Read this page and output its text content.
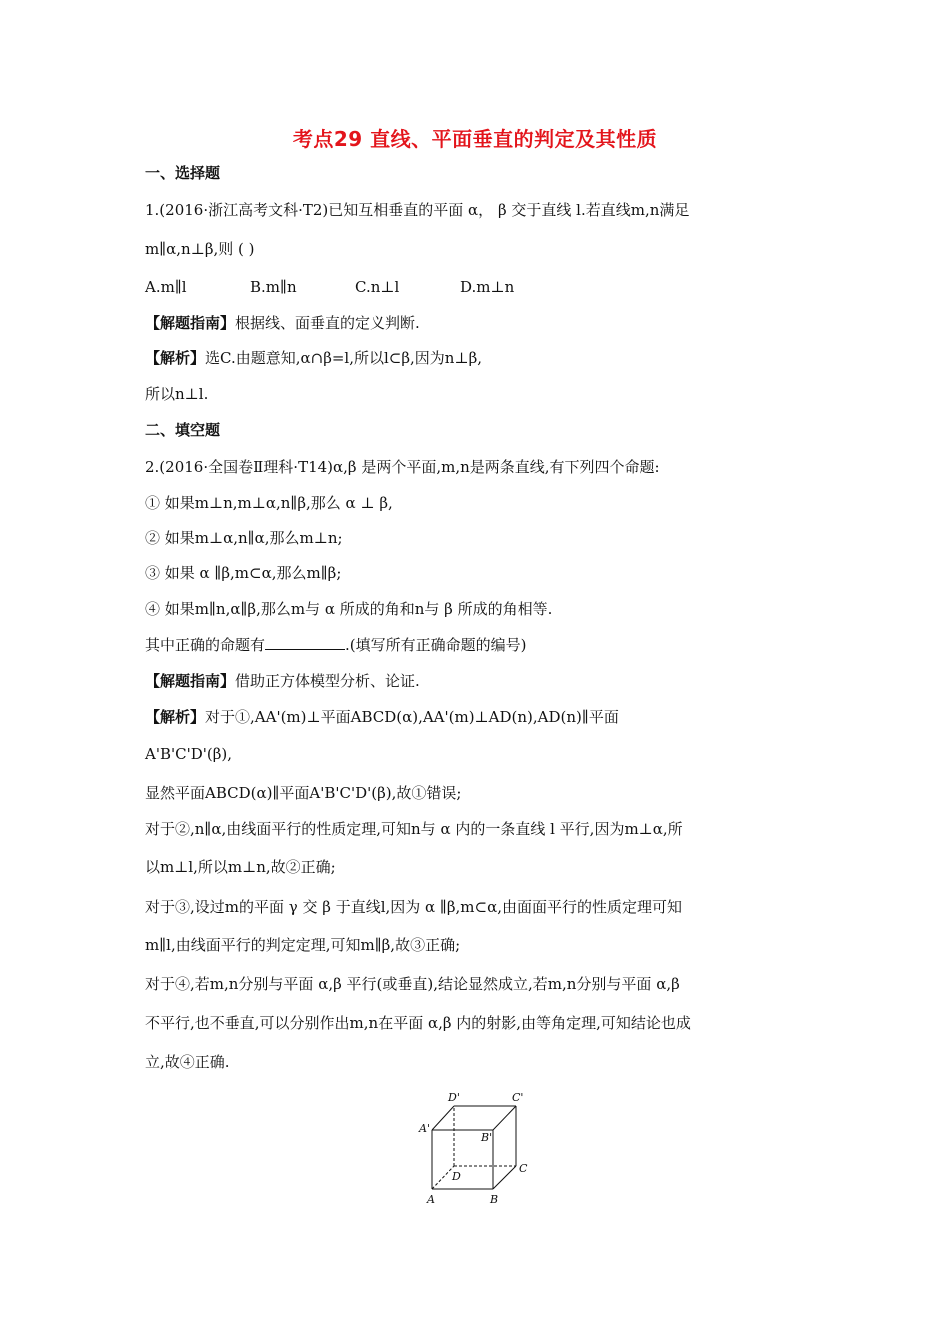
考点29 直线、平面垂直的判定及其性质
一、选择题
1.(2016·浙江高考文科·T2)已知互相垂直的平面 α， β 交于直线 l.若直线m,n满足
m∥α,n⊥β,则 ( )
A.m∥l	B.m∥n	C.n⊥l	D.m⊥n
【解题指南】根据线、面垂直的定义判断.
【解析】选C.由题意知,α∩β=l,所以l⊂β,因为n⊥β,
所以n⊥l.
二、填空题
2.(2016·全国卷Ⅱ理科·T14)α,β 是两个平面,m,n是两条直线,有下列四个命题:
① 如果m⊥n,m⊥α,n∥β,那么 α ⊥ β,
② 如果m⊥α,n∥α,那么m⊥n;
③ 如果 α ∥β,m⊂α,那么m∥β;
④ 如果m∥n,α∥β,那么m与 α 所成的角和n与 β 所成的角相等.
其中正确的命题有	.(填写所有正确命题的编号)
【解题指南】借助正方体模型分析、论证.
【解析】对于①,AA'(m)⊥平面ABCD(α),AA'(m)⊥AD(n),AD(n)∥平面
A'B'C'D'(β),
显然平面ABCD(α)∥平面A'B'C'D'(β),故①错误;
对于②,n∥α,由线面平行的性质定理,可知n与 α 内的一条直线 l 平行,因为m⊥α,所
以m⊥l,所以m⊥n,故②正确;
对于③,设过m的平面 γ 交 β 于直线l,因为 α ∥β,m⊂α,由面面平行的性质定理可知
m∥l,由线面平行的判定定理,可知m∥β,故③正确;
对于④,若m,n分别与平面 α,β 平行(或垂直),结论显然成立,若m,n分别与平面 α,β
不平行,也不垂直,可以分别作出m,n在平面 α,β 内的射影,由等角定理,可知结论也成
立,故④正确.
D'	C'
A'
B'
C
D
A	B
